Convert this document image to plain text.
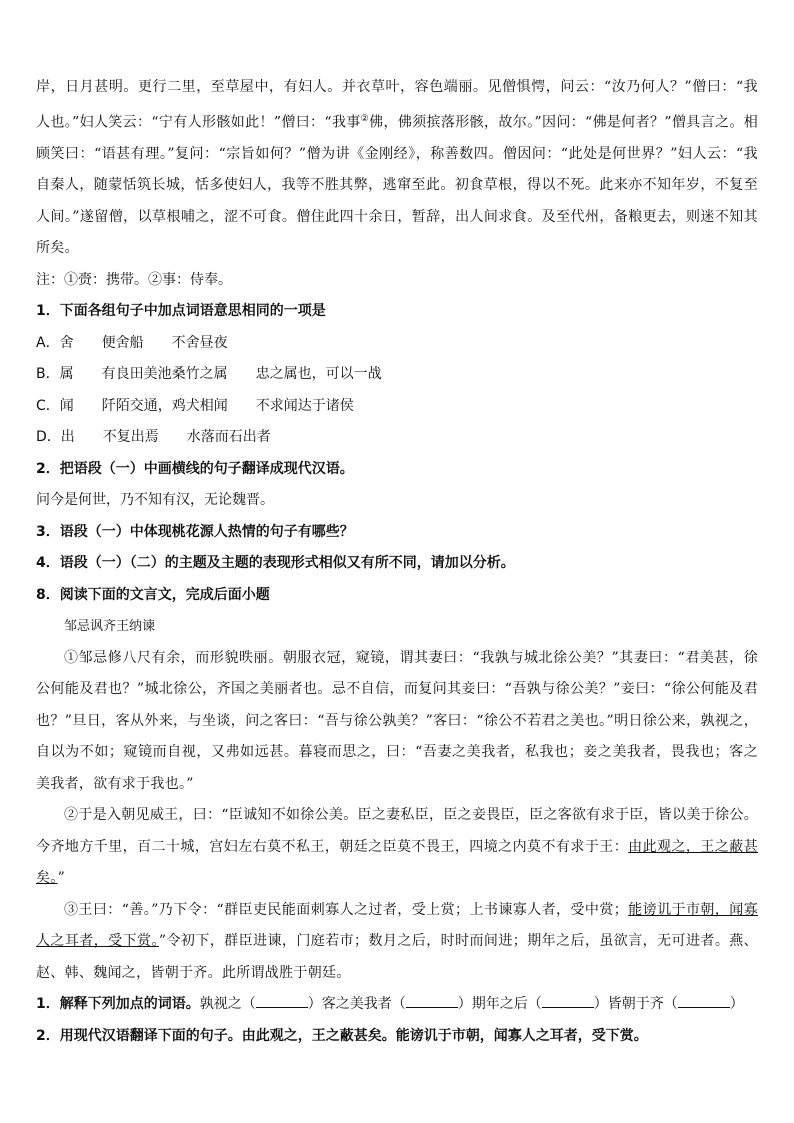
岸，日月甚明。更行二里，至草屋中，有妇人。并衣草叶，容色端丽。见僧惧愕，问云：“汝乃何人？”僧曰：“我人也。”妇人笑云：“宁有人形骸如此！”僧曰：“我事②佛，佛须摈落形骸，故尔。”因问：“佛是何者？”僧具言之。相顾笑曰：“语甚有理。”复问：“宗旨如何？”僧为讲《金刚经》，称善数四。僧因问：“此处是何世界？”妇人云：“我自秦人，随蒙恬筑长城，恬多使妇人，我等不胜其弊，逃窜至此。初食草根，得以不死。此来亦不知年岁，不复至人间。”遂留僧，以草根哺之，涩不可食。僧住此四十余日，暂辞，出人间求食。及至代州，备粮更去，则迷不知其所矣。

注：①赍：携带。②事：侍奉。

1．下面各组句子中加点词语意思相同的一项是

A．舍 便舍船 不舍昼夜

B．属 有良田美池桑竹之属 忠之属也，可以一战

C．闻 阡陌交通，鸡犬相闻 不求闻达于诸侯

D．出 不复出焉 水落而石出者

2．把语段（一）中画横线的句子翻译成现代汉语。

问今是何世，乃不知有汉，无论魏晋。

3．语段（一）中体现桃花源人热情的句子有哪些？

4．语段（一）（二）的主题及主题的表现形式相似又有所不同，请加以分析。

8．阅读下面的文言文，完成后面小题

邹忌讽齐王纳谏

①邹忌修八尺有余，而形貌昳丽。朝服衣冠，窥镜，谓其妻曰：“我孰与城北徐公美？”其妻曰：“君美甚，徐公何能及君也？”城北徐公，齐国之美丽者也。忌不自信，而复问其妾曰：“吾孰与徐公美？”妾曰：“徐公何能及君也？”旦日，客从外来，与坐谈，问之客曰：“吾与徐公孰美？”客曰：“徐公不若君之美也。”明日徐公来，孰视之，自以为不如；窥镜而自视，又弗如远甚。暮寝而思之，曰：“吾妻之美我者，私我也；妾之美我者，畏我也；客之美我者，欲有求于我也。”

②于是入朝见威王，曰：“臣诚知不如徐公美。臣之妻私臣，臣之妾畏臣，臣之客欲有求于臣，皆以美于徐公。今齐地方千里，百二十城，宫妇左右莫不私王，朝廷之臣莫不畏王，四境之内莫不有求于王：由此观之，王之蔽甚矣。”

③王曰：“善。”乃下令：“群臣吏民能面刺寡人之过者，受上赏；上书谏寡人者，受中赏；能谤讥于市朝，闻寡人之耳者，受下赏。”令初下，群臣进谏，门庭若市；数月之后，时时而间进；期年之后，虽欲言，无可进者。燕、赵、韩、魏闻之，皆朝于齐。此所谓战胜于朝廷。

1．解释下列加点的词语。孰视之（	）客之美我者（	）期年之后（	）皆朝于齐（	）

2．用现代汉语翻译下面的句子。由此观之，王之蔽甚矣。能谤讥于市朝，闻寡人之耳者，受下赏。
